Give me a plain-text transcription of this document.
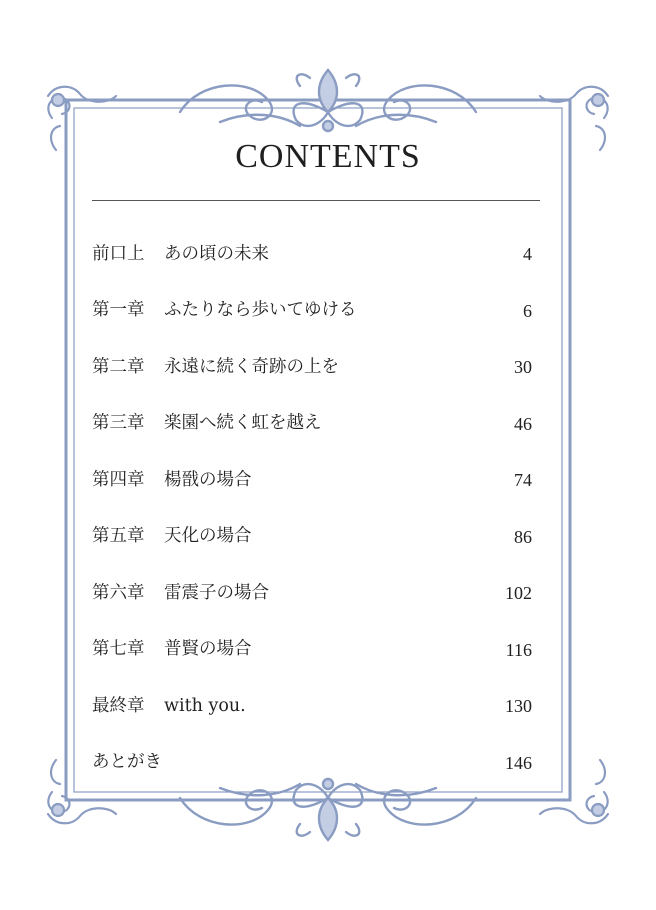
CONTENTS
前口上	あの頃の未来	4
第一章	ふたりなら歩いてゆける	6
第二章	永遠に続く奇跡の上を	30
第三章	楽園へ続く虹を越え	46
第四章	楊戩の場合	74
第五章	天化の場合	86
第六章	雷震子の場合	102
第七章	普賢の場合	116
最終章	with you.	130
あとがき	146
